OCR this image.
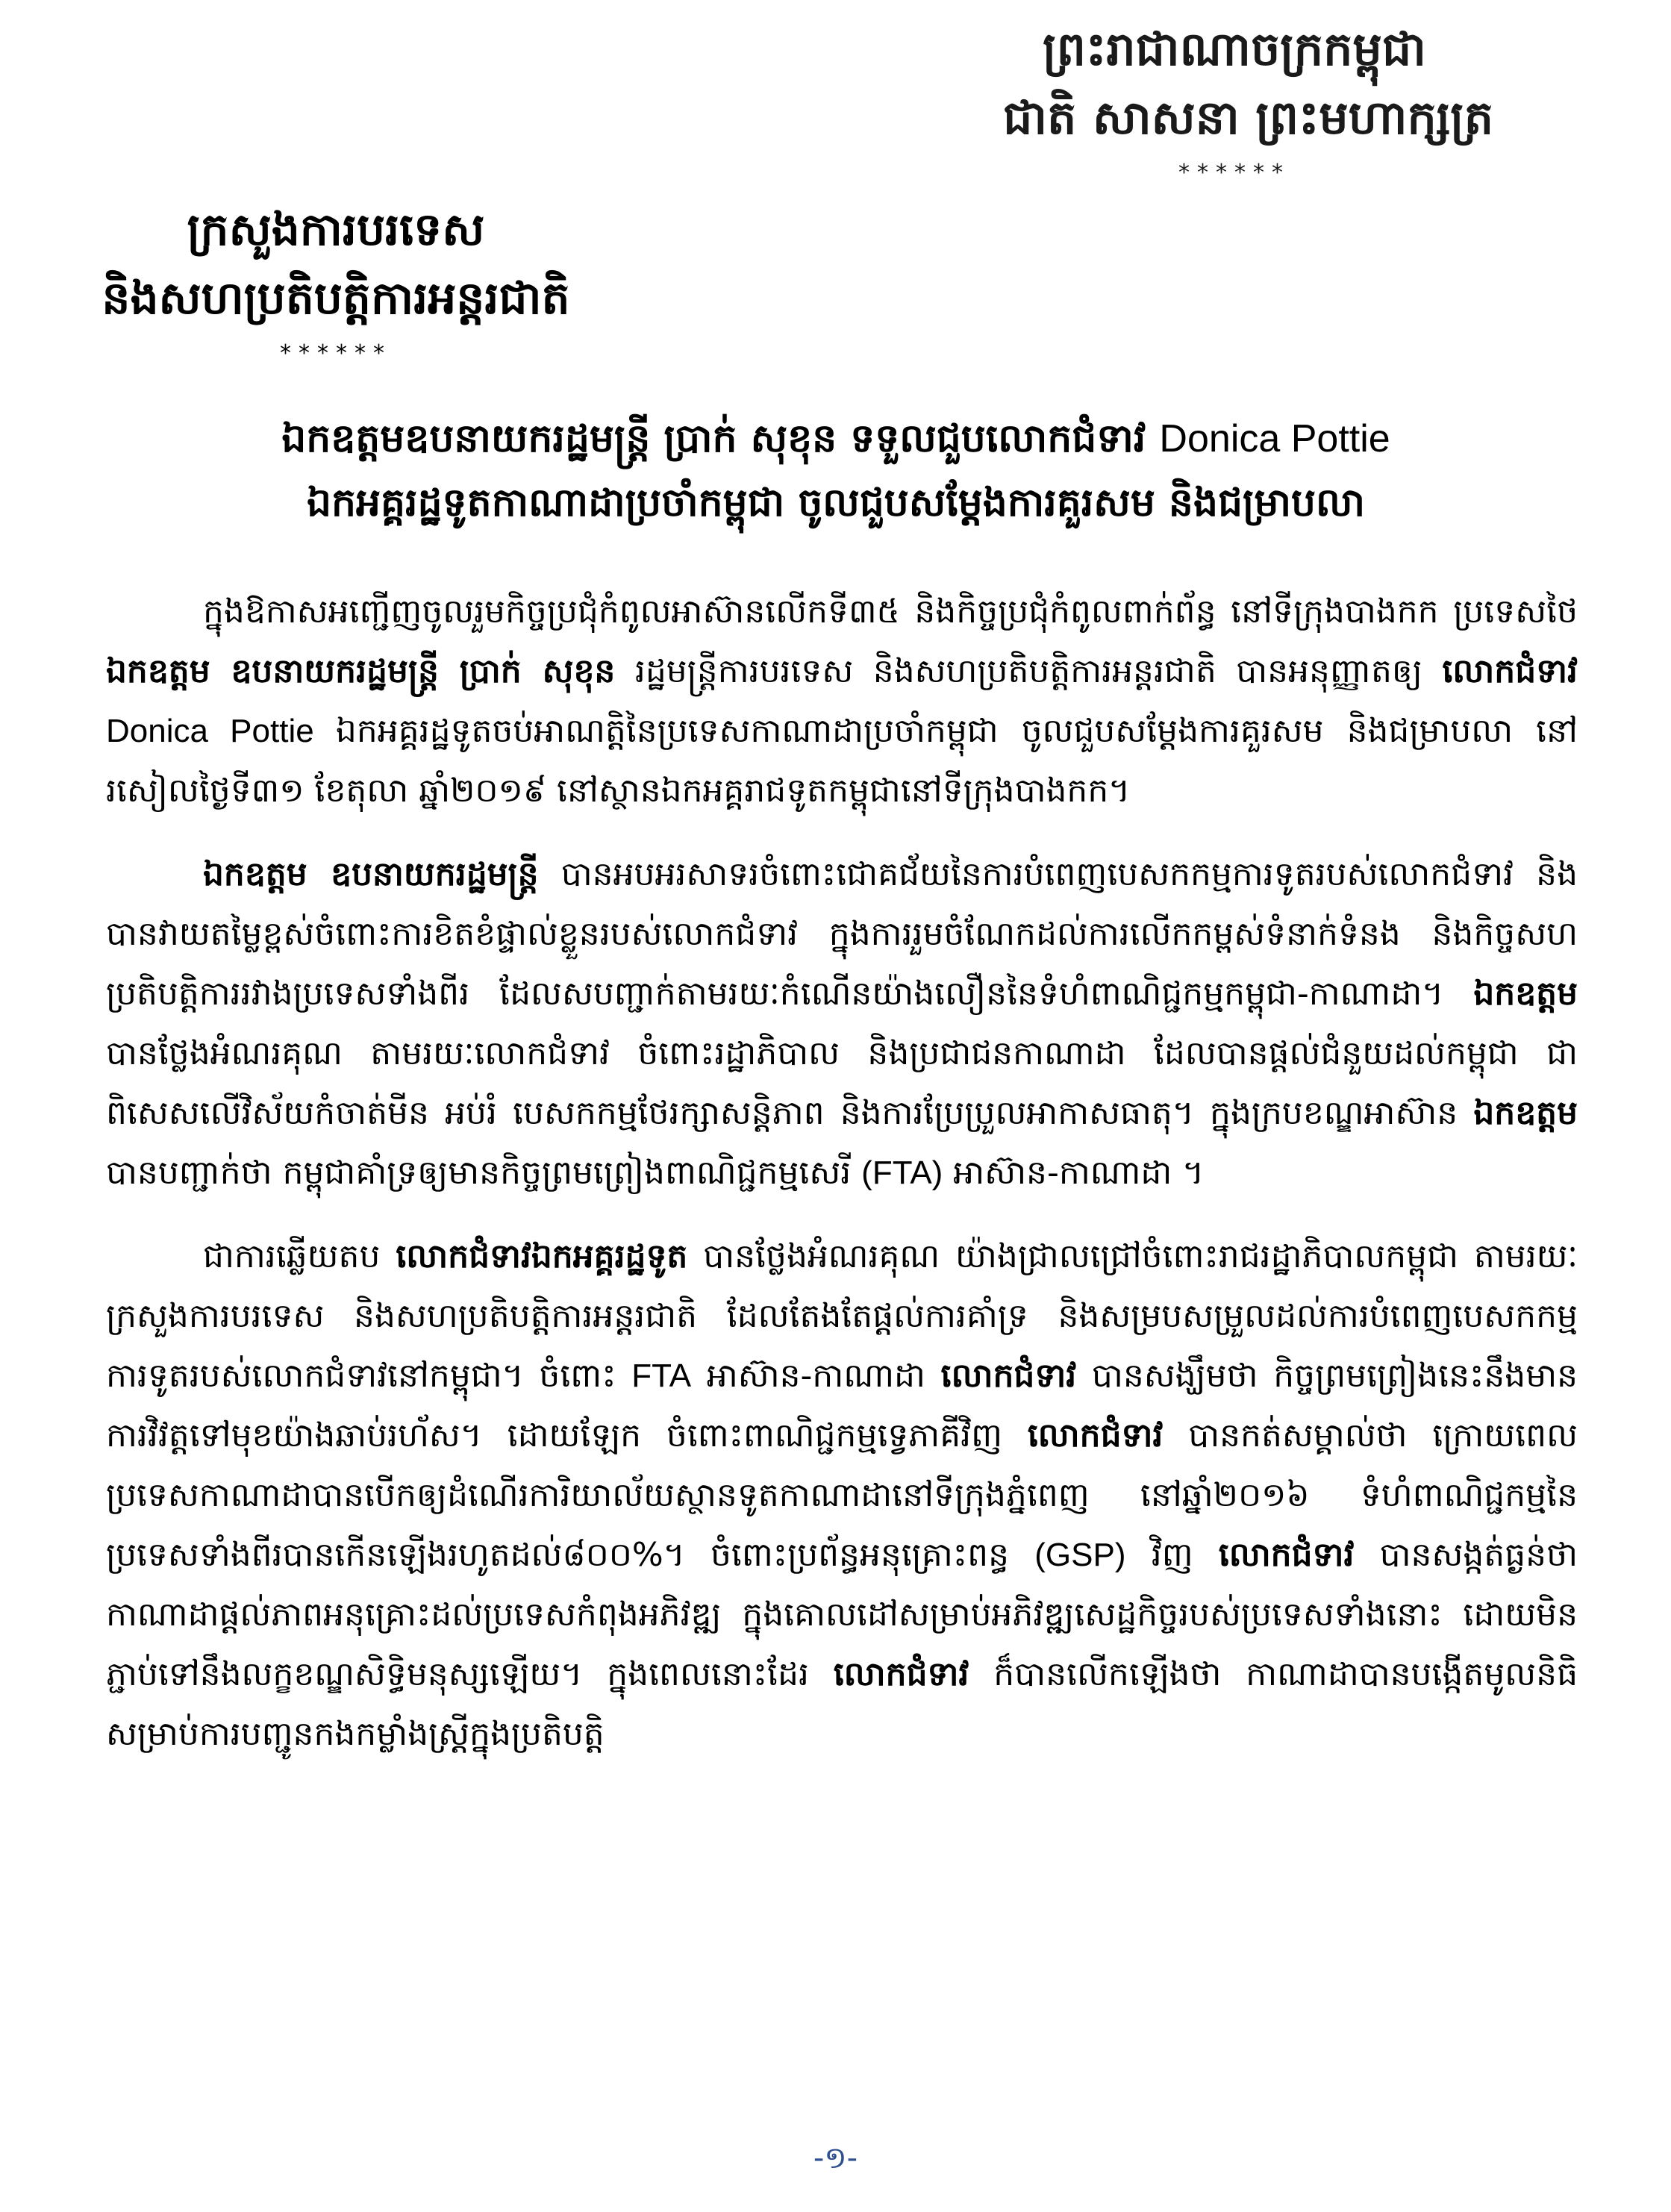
ព្រះរាជាណាចក្រកម្ពុជា
ជាតិ សាសនា ព្រះមហាក្សត្រ
******
ក្រសួងការបរទេស
និងសហប្រតិបត្តិការអន្តរជាតិ
******
ឯកឧត្តមឧបនាយករដ្ឋមន្ត្រី ប្រាក់ សុខុន ទទួលជួបលោកជំទាវ Donica Pottie
ឯកអគ្គរដ្ឋទូតកាណាដាប្រចាំកម្ពុជា ចូលជួបសម្តែងការគួរសម និងជម្រាបលា

ក្នុងឱកាសអញ្ជើញចូលរួមកិច្ចប្រជុំកំពូលអាស៊ានលើកទី៣៥ និងកិច្ចប្រជុំកំពូលពាក់ព័ន្ធ នៅទីក្រុងបាងកក ប្រទេសថៃ ឯកឧត្តម ឧបនាយករដ្ឋមន្ត្រី ប្រាក់ សុខុន រដ្ឋមន្ត្រីការបរទេស និងសហប្រតិបត្តិការអន្តរជាតិ បានអនុញ្ញាតឲ្យ លោកជំទាវ Donica Pottie ឯកអគ្គរដ្ឋទូតចប់អាណត្តិនៃប្រទេសកាណាដាប្រចាំកម្ពុជា ចូលជួបសម្តែងការគួរសម និងជម្រាបលា នៅរសៀលថ្ងៃទី៣១ ខែតុលា ឆ្នាំ២០១៩ នៅស្ថានឯកអគ្គរាជទូតកម្ពុជានៅទីក្រុងបាងកក។

ឯកឧត្តម ឧបនាយករដ្ឋមន្ត្រី បានអបអរសាទរចំពោះជោគជ័យនៃការបំពេញបេសកកម្មការទូតរបស់លោកជំទាវ និងបានវាយតម្លៃខ្ពស់ចំពោះការខិតខំផ្ទាល់ខ្លួនរបស់លោកជំទាវ ក្នុងការរួមចំណែកដល់ការលើកកម្ពស់ទំនាក់ទំនង និងកិច្ចសហប្រតិបត្តិការរវាងប្រទេសទាំងពីរ ដែលសបញ្ជាក់តាមរយៈកំណើនយ៉ាងលឿននៃទំហំពាណិជ្ជកម្មកម្ពុជា-កាណាដា។ ឯកឧត្តម បានថ្លែងអំណរគុណ តាមរយៈលោកជំទាវ ចំពោះរដ្ឋាភិបាល និងប្រជាជនកាណាដា ដែលបានផ្តល់ជំនួយដល់កម្ពុជា ជាពិសេសលើវិស័យកំចាត់មីន អប់រំ បេសកកម្មថែរក្សាសន្តិភាព និងការប្រែប្រួលអាកាសធាតុ។ ក្នុងក្របខណ្ឌអាស៊ាន ឯកឧត្តម បានបញ្ជាក់ថា កម្ពុជាគាំទ្រឲ្យមានកិច្ចព្រមព្រៀងពាណិជ្ជកម្មសេរី (FTA) អាស៊ាន-កាណាដា ។

ជាការឆ្លើយតប លោកជំទាវឯកអគ្គរដ្ឋទូត បានថ្លែងអំណរគុណ យ៉ាងជ្រាលជ្រៅចំពោះរាជរដ្ឋាភិបាលកម្ពុជា តាមរយៈក្រសួងការបរទេស និងសហប្រតិបត្តិការអន្តរជាតិ ដែលតែងតែផ្តល់ការគាំទ្រ និងសម្របសម្រួលដល់ការបំពេញបេសកកម្មការទូតរបស់លោកជំទាវនៅកម្ពុជា។ ចំពោះ FTA អាស៊ាន-កាណាដា លោកជំទាវ បានសង្ឃឹមថា កិច្ចព្រមព្រៀងនេះនឹងមានការវិវត្តទៅមុខយ៉ាងឆាប់រហ័ស។ ដោយឡែក ចំពោះពាណិជ្ជកម្មទ្វេភាគីវិញ លោកជំទាវ បានកត់សម្គាល់ថា ក្រោយពេលប្រទេសកាណាដាបានបើកឲ្យដំណើរការិយាល័យស្ថានទូតកាណាដានៅទីក្រុងភ្នំពេញ នៅឆ្នាំ២០១៦ ទំហំពាណិជ្ជកម្មនៃប្រទេសទាំងពីរបានកើនឡើងរហូតដល់៨០០%។ ចំពោះប្រព័ន្ធអនុគ្រោះពន្ធ (GSP) វិញ លោកជំទាវ បានសង្កត់ធ្ងន់ថា កាណាដាផ្តល់ភាពអនុគ្រោះដល់ប្រទេសកំពុងអភិវឌ្ឍ ក្នុងគោលដៅសម្រាប់អភិវឌ្ឍសេដ្ឋកិច្ចរបស់ប្រទេសទាំងនោះ ដោយមិនភ្ជាប់ទៅនឹងលក្ខខណ្ឌសិទ្ធិមនុស្សឡើយ។ ក្នុងពេលនោះដែរ លោកជំទាវ ក៏បានលើកឡើងថា កាណាដាបានបង្កើតមូលនិធិសម្រាប់ការបញ្ជូនកងកម្លាំងស្ត្រីក្នុងប្រតិបត្តិ

-១-
